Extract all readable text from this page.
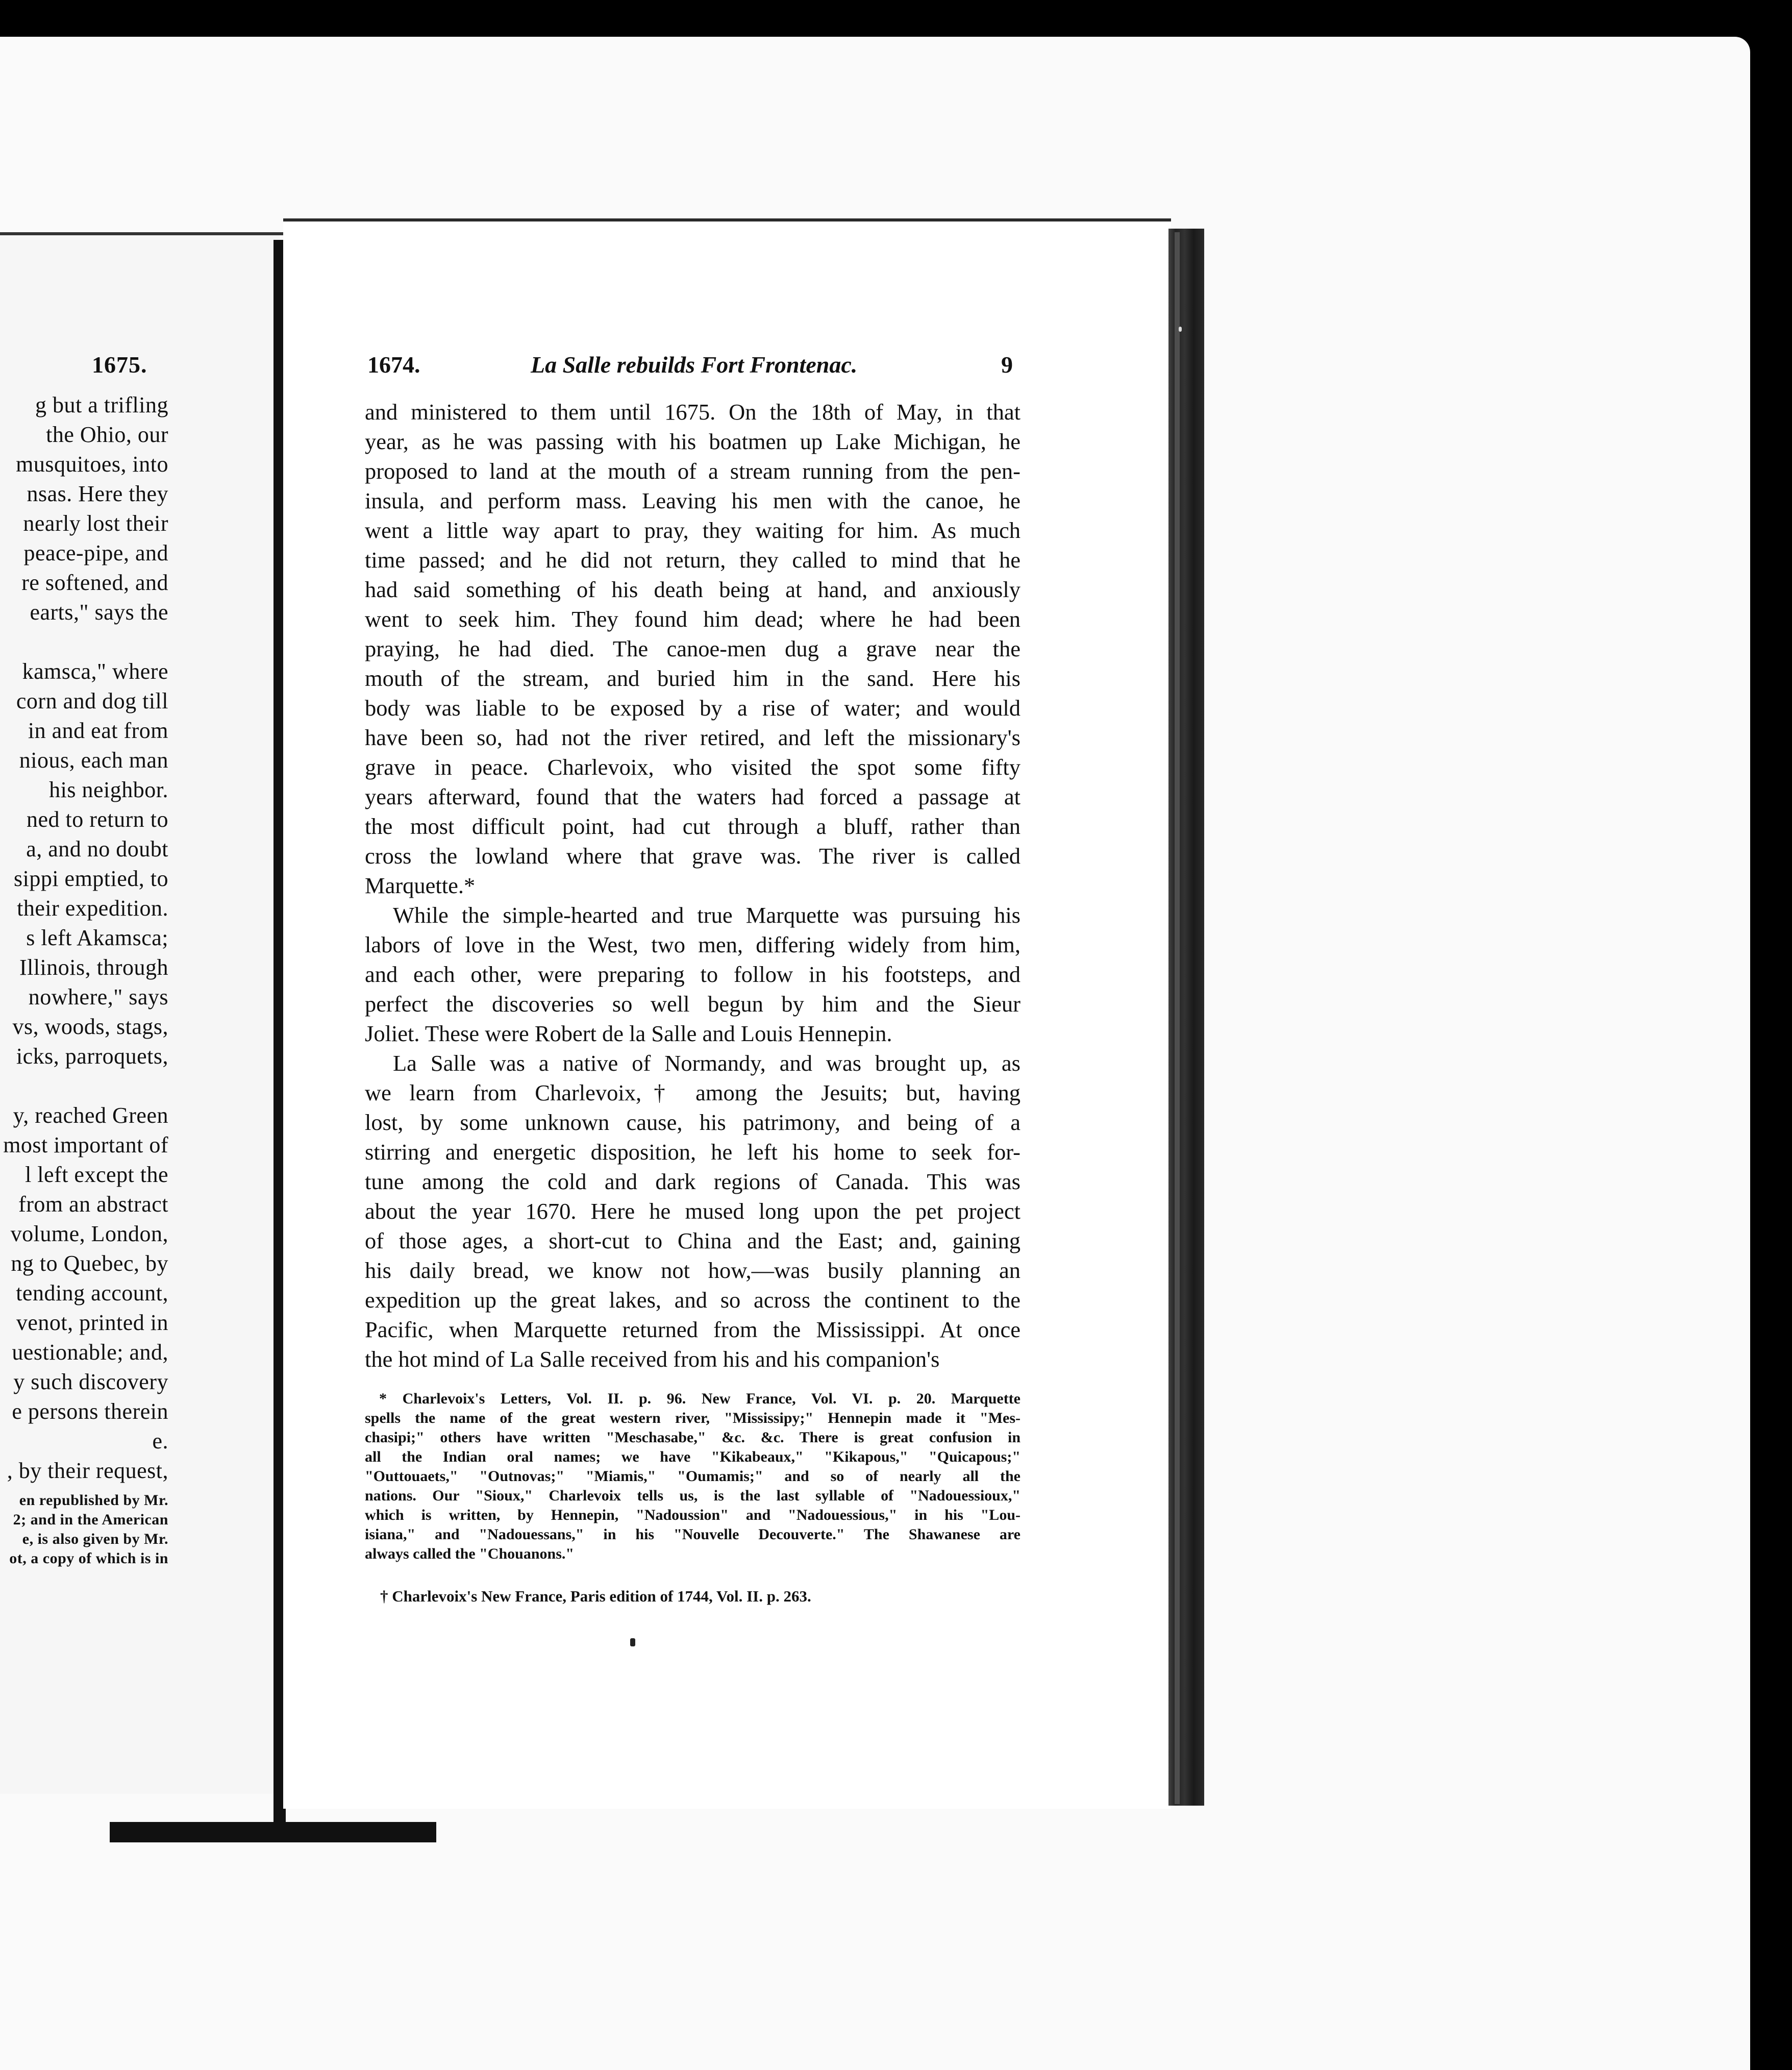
1675.
g but a trifling
the Ohio, our
musquitoes, into
nsas. Here they
nearly lost their
peace-pipe, and
re softened, and
earts," says the
kamsca," where
corn and dog till
in and eat from
nious, each man
his neighbor.
ned to return to
a, and no doubt
sippi emptied, to
their expedition.
s left Akamsca;
Illinois, through
nowhere," says
vs, woods, stags,
icks, parroquets,
y, reached Green
most important of
l left except the
from an abstract
volume, London,
ng to Quebec, by
tending account,
venot, printed in
uestionable; and,
y such discovery
e persons therein
e.
, by their request,
en republished by Mr.
2; and in the American
e, is also given by Mr.
ot, a copy of which is in
1674.	La Salle rebuilds Fort Frontenac.	9
and ministered to them until 1675. On the 18th of May, in that
year, as he was passing with his boatmen up Lake Michigan, he
proposed to land at the mouth of a stream running from the pen-
insula, and perform mass. Leaving his men with the canoe, he
went a little way apart to pray, they waiting for him. As much
time passed; and he did not return, they called to mind that he
had said something of his death being at hand, and anxiously
went to seek him. They found him dead; where he had been
praying, he had died. The canoe-men dug a grave near the
mouth of the stream, and buried him in the sand. Here his
body was liable to be exposed by a rise of water; and would
have been so, had not the river retired, and left the missionary's
grave in peace. Charlevoix, who visited the spot some fifty
years afterward, found that the waters had forced a passage at
the most difficult point, had cut through a bluff, rather than
cross the lowland where that grave was. The river is called
Marquette.*
While the simple-hearted and true Marquette was pursuing his
labors of love in the West, two men, differing widely from him,
and each other, were preparing to follow in his footsteps, and
perfect the discoveries so well begun by him and the Sieur
Joliet. These were Robert de la Salle and Louis Hennepin.
La Salle was a native of Normandy, and was brought up, as
we learn from Charlevoix,† among the Jesuits; but, having
lost, by some unknown cause, his patrimony, and being of a
stirring and energetic disposition, he left his home to seek for-
tune among the cold and dark regions of Canada. This was
about the year 1670. Here he mused long upon the pet project
of those ages, a short-cut to China and the East; and, gaining
his daily bread, we know not how,—was busily planning an
expedition up the great lakes, and so across the continent to the
Pacific, when Marquette returned from the Mississippi. At once
the hot mind of La Salle received from his and his companion's
* Charlevoix's Letters, Vol. II. p. 96. New France, Vol. VI. p. 20. Marquette
spells the name of the great western river, "Mississipy;" Hennepin made it "Mes-
chasipi;" others have written "Meschasabe," &c. &c. There is great confusion in
all the Indian oral names; we have "Kikabeaux," "Kikapous," "Quicapous;"
"Outtouaets," "Outnovas;" "Miamis," "Oumamis;" and so of nearly all the
nations. Our "Sioux," Charlevoix tells us, is the last syllable of "Nadouessioux,"
which is written, by Hennepin, "Nadoussion" and "Nadouessious," in his "Lou-
isiana," and "Nadouessans," in his "Nouvelle Decouverte." The Shawanese are
always called the "Chouanons."
† Charlevoix's New France, Paris edition of 1744, Vol. II. p. 263.
